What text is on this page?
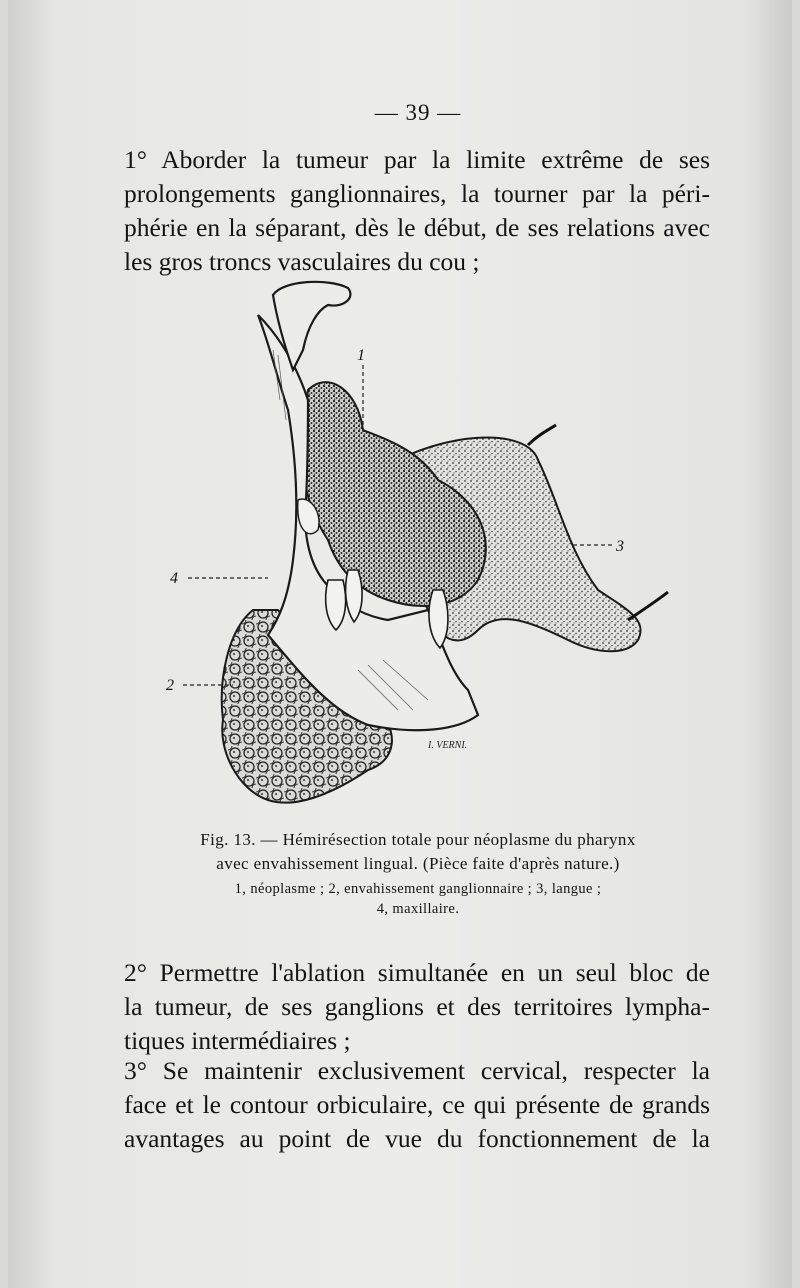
— 39 —
1° Aborder la tumeur par la limite extrême de ses
prolongements ganglionnaires, la tourner par la péri-
phérie en la séparant, dès le début, de ses relations avec
les gros troncs vasculaires du cou ;
1
3
4
2
I. VERNI.
Fig. 13. — Hémirésection totale pour néoplasme du pharynx
avec envahissement lingual. (Pièce faite d'après nature.)
1, néoplasme ; 2, envahissement ganglionnaire ; 3, langue ;
4, maxillaire.
2° Permettre l'ablation simultanée en un seul bloc de
la tumeur, de ses ganglions et des territoires lympha-
tiques intermédiaires ;
3° Se maintenir exclusivement cervical, respecter la
face et le contour orbiculaire, ce qui présente de grands
avantages au point de vue du fonctionnement de la
